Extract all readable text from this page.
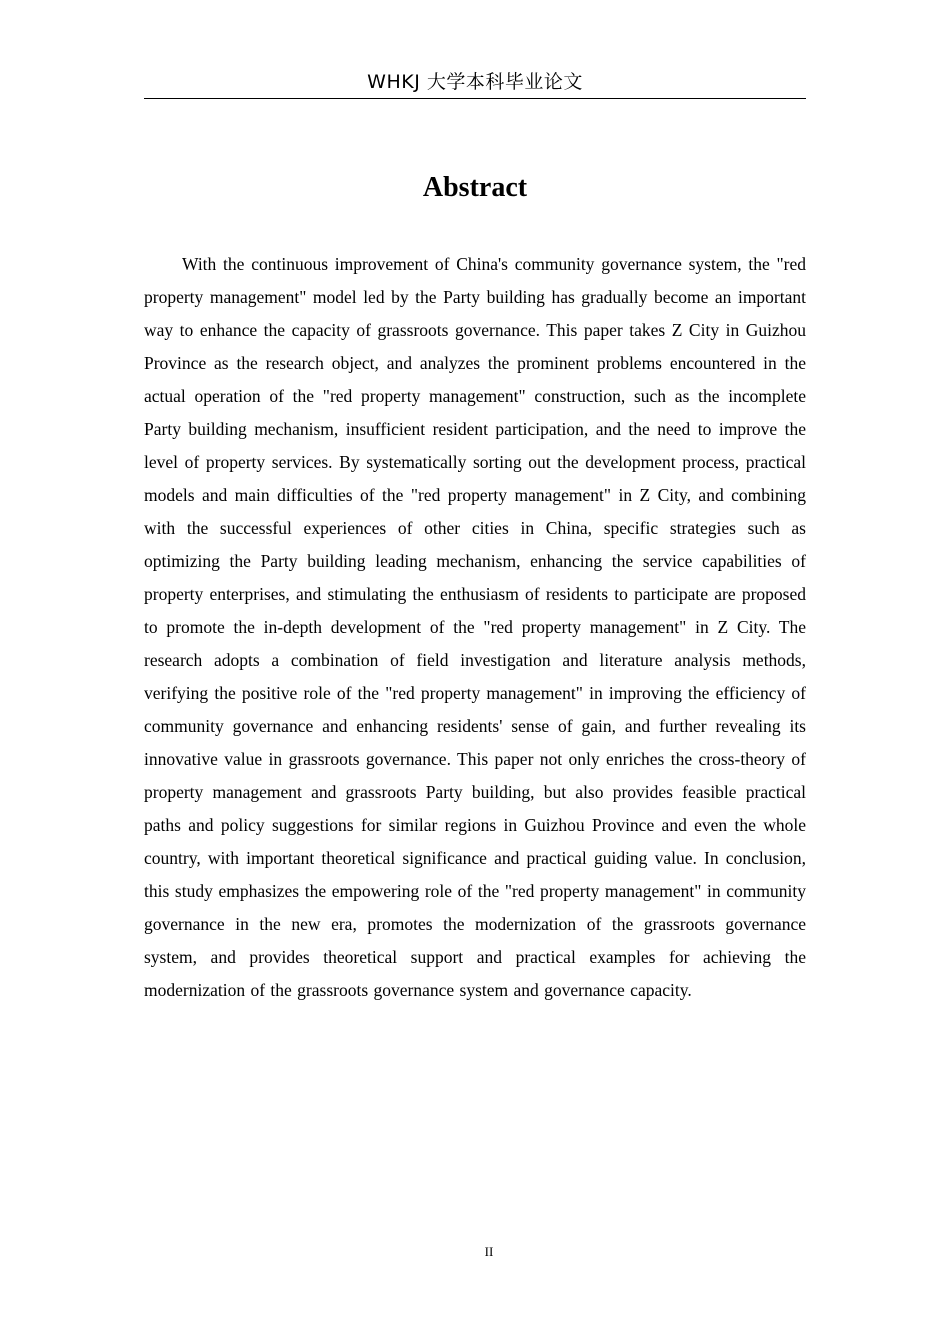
WHKJ 大学本科毕业论文
Abstract

With the continuous improvement of China's community governance system, the "red property management" model led by the Party building has gradually become an important way to enhance the capacity of grassroots governance. This paper takes Z City in Guizhou Province as the research object, and analyzes the prominent problems encountered in the actual operation of the "red property management" construction, such as the incomplete Party building mechanism, insufficient resident participation, and the need to improve the level of property services. By systematically sorting out the development process, practical models and main difficulties of the "red property management" in Z City, and combining with the successful experiences of other cities in China, specific strategies such as optimizing the Party building leading mechanism, enhancing the service capabilities of property enterprises, and stimulating the enthusiasm of residents to participate are proposed to promote the in-depth development of the "red property management" in Z City. The research adopts a combination of field investigation and literature analysis methods, verifying the positive role of the "red property management" in improving the efficiency of community governance and enhancing residents' sense of gain, and further revealing its innovative value in grassroots governance. This paper not only enriches the cross-theory of property management and grassroots Party building, but also provides feasible practical paths and policy suggestions for similar regions in Guizhou Province and even the whole country, with important theoretical significance and practical guiding value. In conclusion, this study emphasizes the empowering role of the "red property management" in community governance in the new era, promotes the modernization of the grassroots governance system, and provides theoretical support and practical examples for achieving the modernization of the grassroots governance system and governance capacity.

II
